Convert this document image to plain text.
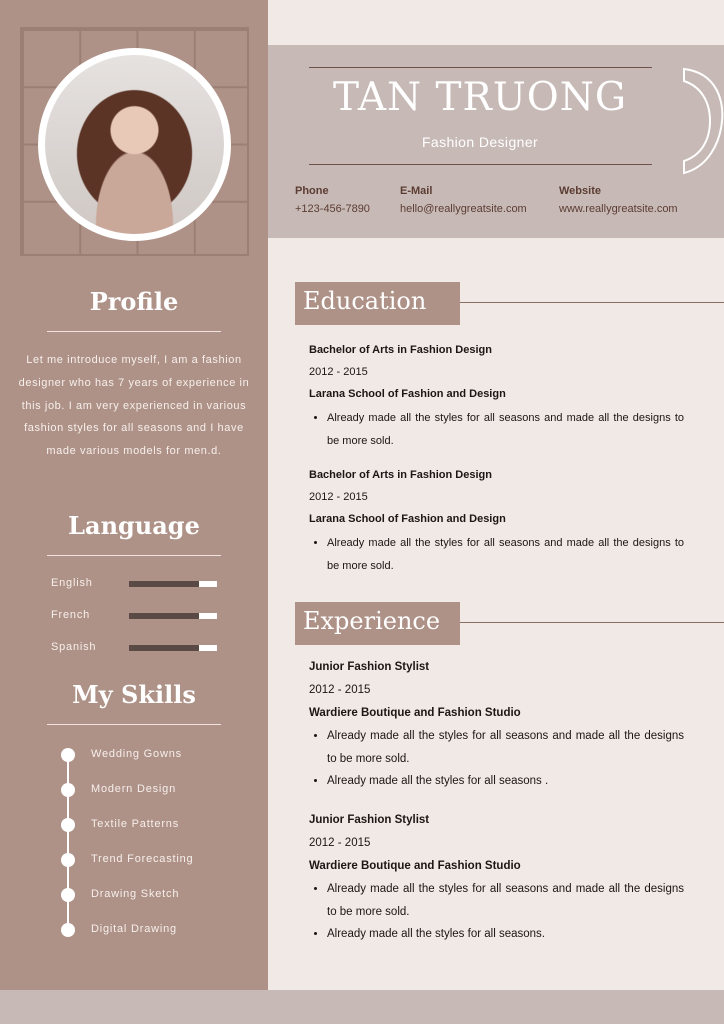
Profile
Let me introduce myself, I am a fashion designer who has 7 years of experience in this job. I am very experienced in various fashion styles for all seasons and I have made various models for men.d.
Language
English
French
Spanish
My Skills
Wedding Gowns
Modern Design
Textile Patterns
Trend Forecasting
Drawing Sketch
Digital Drawing
TAN TRUONG
Fashion Designer
Phone
+123-456-7890
E-Mail
hello@reallygreatsite.com
Website
www.reallygreatsite.com
Education
Bachelor of Arts in Fashion Design
2012 - 2015
Larana School of Fashion and Design
• Already made all the styles for all seasons and made all the designs to be more sold.
Bachelor of Arts in Fashion Design
2012 - 2015
Larana School of Fashion and Design
• Already made all the styles for all seasons and made all the designs to be more sold.
Experience
Junior Fashion Stylist
2012 - 2015
Wardiere Boutique and Fashion Studio
• Already made all the styles for all seasons and made all the designs to be more sold.
• Already made all the styles for all seasons .
Junior Fashion Stylist
2012 - 2015
Wardiere Boutique and Fashion Studio
• Already made all the styles for all seasons and made all the designs to be more sold.
• Already made all the styles for all seasons.
